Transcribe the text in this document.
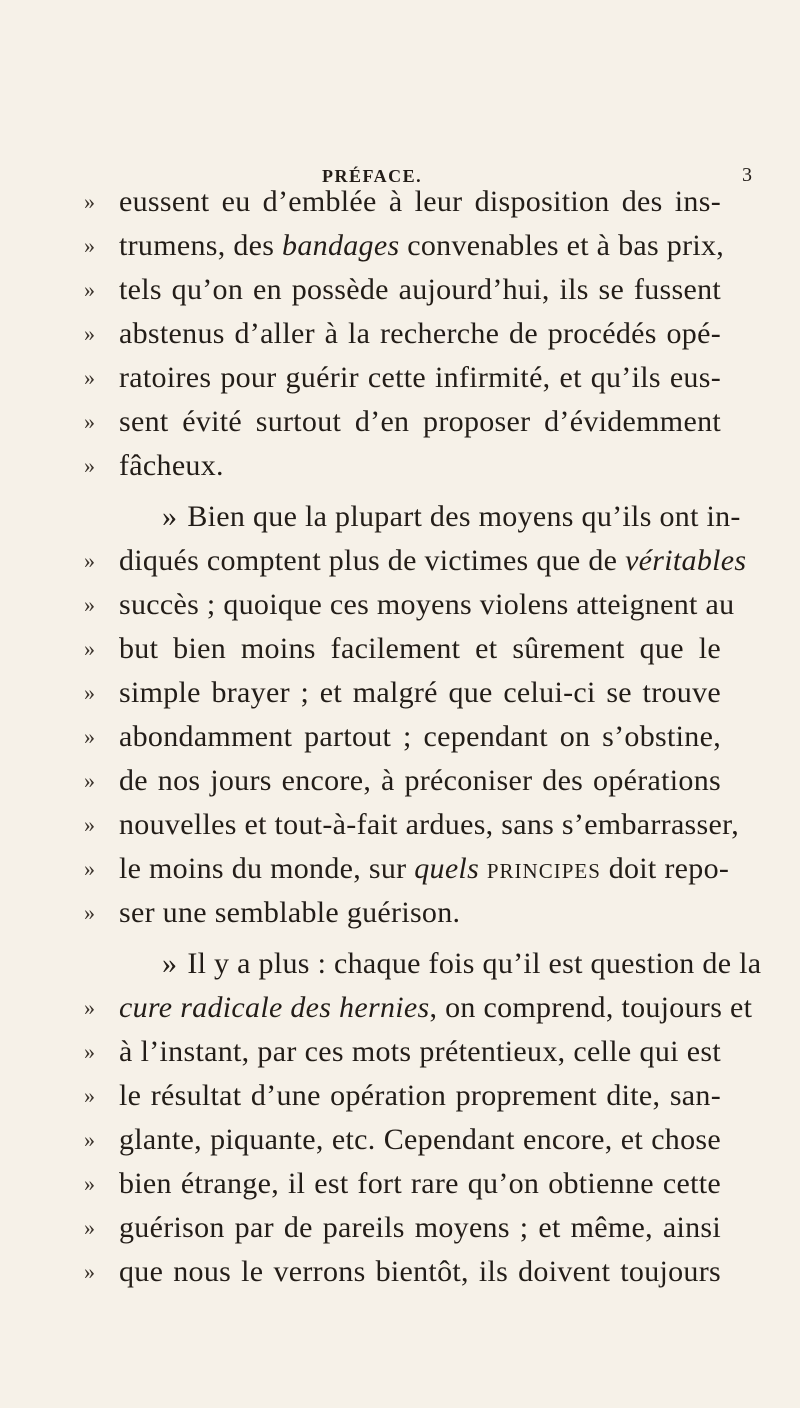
PRÉFACE.	3
» eussent eu d’emblée à leur disposition des ins-
» trumens, des bandages convenables et à bas prix,
» tels qu’on en possède aujourd’hui, ils se fussent
» abstenus d’aller à la recherche de procédés opé-
» ratoires pour guérir cette infirmité, et qu’ils eus-
» sent évité surtout d’en proposer d’évidemment
» fâcheux.
» Bien que la plupart des moyens qu’ils ont in-
» diqués comptent plus de victimes que de véritables
» succès ; quoique ces moyens violens atteignent au
» but bien moins facilement et sûrement que le
» simple brayer ; et malgré que celui-ci se trouve
» abondamment partout ; cependant on s’obstine,
» de nos jours encore, à préconiser des opérations
» nouvelles et tout-à-fait ardues, sans s’embarrasser,
» le moins du monde, sur quels principes doit repo-
» ser une semblable guérison.
» Il y a plus : chaque fois qu’il est question de la
» cure radicale des hernies, on comprend, toujours et
» à l’instant, par ces mots prétentieux, celle qui est
» le résultat d’une opération proprement dite, san-
» glante, piquante, etc. Cependant encore, et chose
» bien étrange, il est fort rare qu’on obtienne cette
» guérison par de pareils moyens ; et même, ainsi
» que nous le verrons bientôt, ils doivent toujours
